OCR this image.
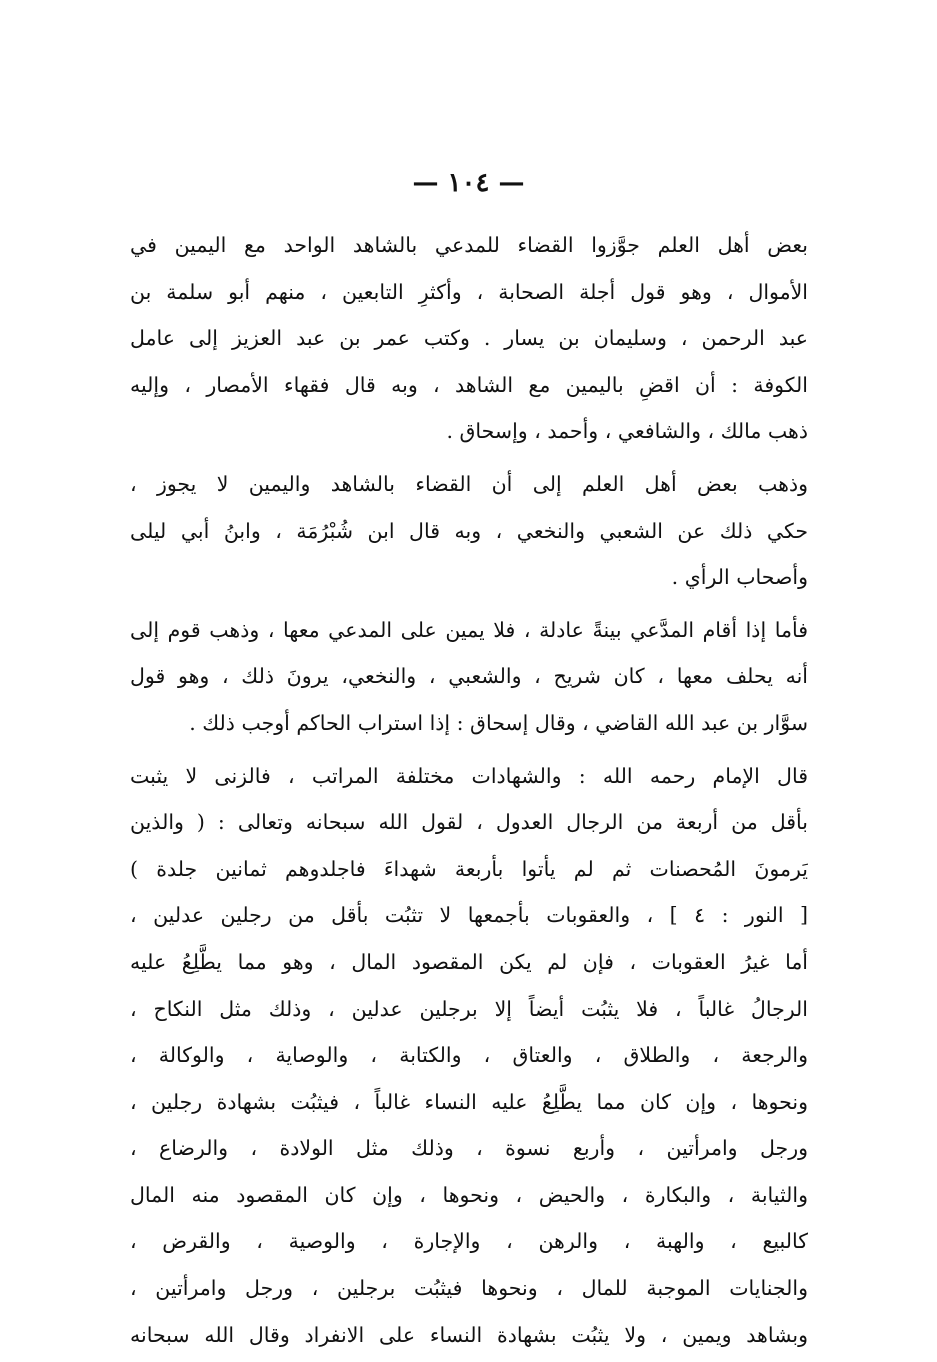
— ١٠٤ —
بعض أهل العلم جوَّزوا القضاء للمدعي بالشاهد الواحد مع اليمين في
الأموال ، وهو قول أجلة الصحابة ، وأكثرِ التابعين ، منهم أبو سلمة بن
عبد الرحمن ، وسليمان بن يسار . وكتب عمر بن عبد العزيز إلى عامل
الكوفة : أن اقضِ باليمين مع الشاهد ، وبه قال فقهاء الأمصار ، وإليه
ذهب مالك ، والشافعي ، وأحمد ، وإسحاق .
وذهب بعض أهل العلم إلى أن القضاء بالشاهد واليمين لا يجوز ،
حكي ذلك عن الشعبي والنخعي ، وبه قال ابن شُبْرُمَة ، وابنُ أبي ليلى
وأصحاب الرأي .
فأما إذا أقام المدَّعي بينةً عادلة ، فلا يمين على المدعي معها ، وذهب قوم إلى
أنه يحلف معها ، كان شريح ، والشعبي ، والنخعي، يرونَ ذلك ، وهو قول
سوَّار بن عبد الله القاضي ، وقال إسحاق : إذا استراب الحاكم أوجب ذلك .
قال الإمام رحمه الله : والشهادات مختلفة المراتب ، فالزنى لا يثبت
بأقل من أربعة من الرجال العدول ، لقول الله سبحانه وتعالى : ( والذين
يَرمونَ المُحصنات ثم لم يأتوا بأربعة شهداءَ فاجلدوهم ثمانين جلدة )
[ النور : ٤ ] ، والعقوبات بأجمعها لا تثبُت بأقل من رجلين عدلين ،
أما غيرُ العقوبات ، فإن لم يكن المقصود المال ، وهو مما يطَّلِعُ عليه
الرجالُ غالباً ، فلا يثبُت أيضاً إلا برجلين عدلين ، وذلك مثل النكاح ،
والرجعة ، والطلاق ، والعتاق ، والكتابة ، والوصاية ، والوكالة ،
ونحوها ، وإن كان مما يطَّلِعُ عليه النساء غالباً ، فيثبُت بشهادة رجلين ،
ورجل وامرأتين ، وأربع نسوة ، وذلك مثل الولادة ، والرضاع ،
والثيابة ، والبكارة ، والحيض ، ونحوها ، وإن كان المقصود منه المال
كالبيع ، والهبة ، والرهن ، والإجارة ، والوصية ، والقرض ،
والجنايات الموجبة للمال ، ونحوها فيثبُت برجلين ، ورجل وامرأتين ،
وبشاهد ويمين ، ولا يثبُت بشهادة النساء على الانفراد وقال الله سبحانه
